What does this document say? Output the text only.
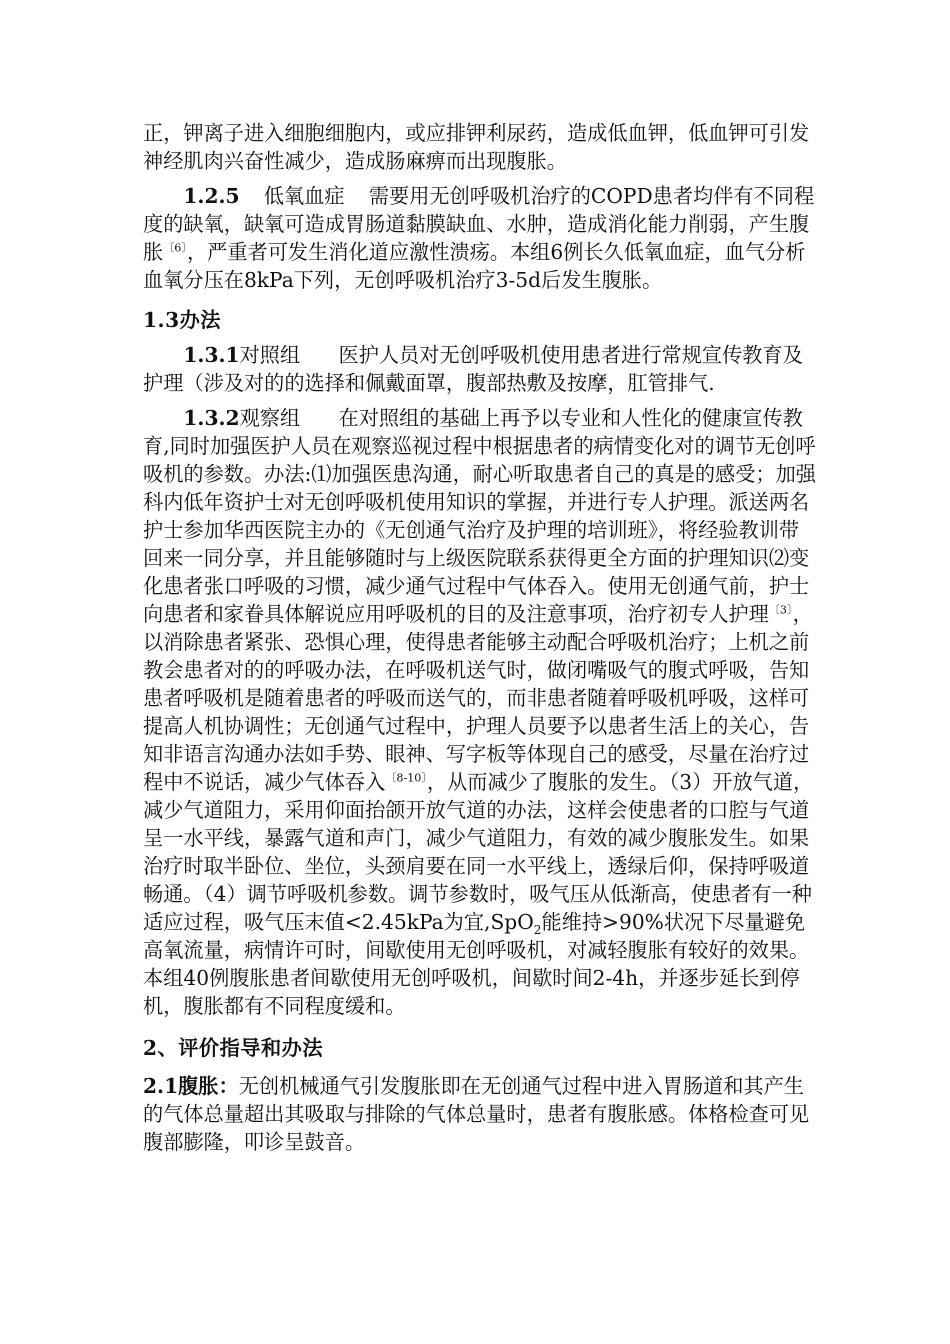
正，钾离子进入细胞细胞内，或应排钾利尿药，造成低血钾，低血钾可引发神经肌肉兴奋性减少，造成肠麻痹而出现腹胀。

1.2.5 低氧血症 需要用无创呼吸机治疗的COPD患者均伴有不同程度的缺氧，缺氧可造成胃肠道黏膜缺血、水肿，造成消化能力削弱，产生腹胀$^{〔6〕}$，严重者可发生消化道应激性溃疡。本组6例长久低氧血症，血气分析血氧分压在8kPa下列，无创呼吸机治疗3-5d后发生腹胀。

1.3办法

1.3.1对照组 医护人员对无创呼吸机使用患者进行常规宣传教育及护理（涉及对的的选择和佩戴面罩，腹部热敷及按摩，肛管排气.

1.3.2观察组 在对照组的基础上再予以专业和人性化的健康宣传教育,同时加强医护人员在观察巡视过程中根据患者的病情变化对的调节无创呼吸机的参数。办法:⑴加强医患沟通，耐心听取患者自己的真是的感受；加强科内低年资护士对无创呼吸机使用知识的掌握，并进行专人护理。派送两名护士参加华西医院主办的《无创通气治疗及护理的培训班》，将经验教训带回来一同分享，并且能够随时与上级医院联系获得更全方面的护理知识⑵变化患者张口呼吸的习惯，减少通气过程中气体吞入。使用无创通气前，护士向患者和家眷具体解说应用呼吸机的目的及注意事项，治疗初专人护理$^{〔3〕}$，以消除患者紧张、恐惧心理，使得患者能够主动配合呼吸机治疗；上机之前教会患者对的的呼吸办法，在呼吸机送气时，做闭嘴吸气的腹式呼吸，告知患者呼吸机是随着患者的呼吸而送气的，而非患者随着呼吸机呼吸，这样可提高人机协调性；无创通气过程中，护理人员要予以患者生活上的关心，告知非语言沟通办法如手势、眼神、写字板等体现自己的感受，尽量在治疗过程中不说话，减少气体吞入$^{〔8-10〕}$，从而减少了腹胀的发生。（3）开放气道，减少气道阻力，采用仰面抬颌开放气道的办法，这样会使患者的口腔与气道呈一水平线，暴露气道和声门，减少气道阻力，有效的减少腹胀发生。如果治疗时取半卧位、坐位，头颈肩要在同一水平线上，透绿后仰，保持呼吸道畅通。（4）调节呼吸机参数。调节参数时，吸气压从低渐高，使患者有一种适应过程，吸气压末值<2.45kPa为宜,SpO$_2$能维持>90%状况下尽量避免高氧流量，病情许可时，间歇使用无创呼吸机，对减轻腹胀有较好的效果。本组40例腹胀患者间歇使用无创呼吸机，间歇时间2-4h，并逐步延长到停机，腹胀都有不同程度缓和。

2、评价指导和办法

2.1腹胀：无创机械通气引发腹胀即在无创通气过程中进入胃肠道和其产生的气体总量超出其吸取与排除的气体总量时，患者有腹胀感。体格检查可见腹部膨隆，叩诊呈鼓音。
